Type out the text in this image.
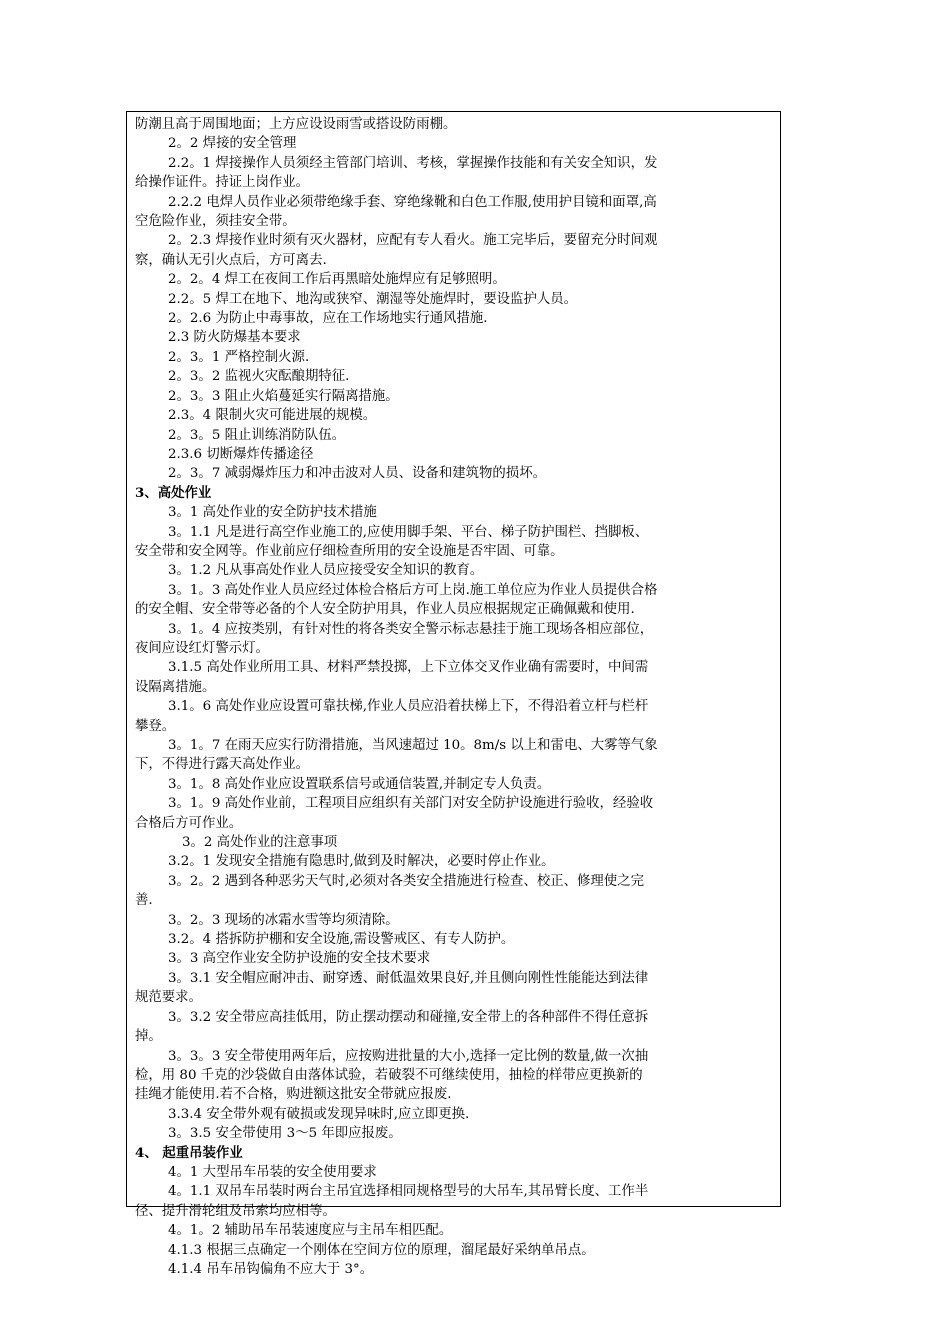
防潮且高于周围地面；上方应设设雨雪或搭设防雨棚。
2。2 焊接的安全管理
2.2。1 焊接操作人员须经主管部门培训、考核，掌握操作技能和有关安全知识，发
给操作证件。持证上岗作业。
2.2.2 电焊人员作业必须带绝缘手套、穿绝缘靴和白色工作服,使用护目镜和面罩,高
空危险作业，须挂安全带。
2。2.3 焊接作业时须有灭火器材，应配有专人看火。施工完毕后，要留充分时间观
察，确认无引火点后，方可离去.
2。2。4 焊工在夜间工作后再黑暗处施焊应有足够照明。
2.2。5 焊工在地下、地沟或狭窄、潮湿等处施焊时，要设监护人员。
2。2.6 为防止中毒事故，应在工作场地实行通风措施.
2.3 防火防爆基本要求
2。3。1 严格控制火源.
2。3。2 监视火灾酝酿期特征.
2。3。3 阻止火焰蔓延实行隔离措施。
2.3。4 限制火灾可能进展的规模。
2。3。5 阻止训练消防队伍。
2.3.6 切断爆炸传播途径
2。3。7 减弱爆炸压力和冲击波对人员、设备和建筑物的损坏。
3、高处作业
3。1 高处作业的安全防护技术措施
3。1.1 凡是进行高空作业施工的,应使用脚手架、平台、梯子防护围栏、挡脚板、
安全带和安全网等。作业前应仔细检查所用的安全设施是否牢固、可靠。
3。1.2 凡从事高处作业人员应接受安全知识的教育。
3。1。3 高处作业人员应经过体检合格后方可上岗.施工单位应为作业人员提供合格
的安全帽、安全带等必备的个人安全防护用具，作业人员应根据规定正确佩戴和使用.
3。1。4 应按类别，有针对性的将各类安全警示标志悬挂于施工现场各相应部位，
夜间应设红灯警示灯。
3.1.5 高处作业所用工具、材料严禁投掷，上下立体交叉作业确有需要时，中间需
设隔离措施。
3.1。6 高处作业应设置可靠扶梯,作业人员应沿着扶梯上下，不得沿着立杆与栏杆
攀登。
3。1。7 在雨天应实行防滑措施，当风速超过 10。8m/s 以上和雷电、大雾等气象
下，不得进行露天高处作业。
3。1。8 高处作业应设置联系信号或通信装置,并制定专人负责。
3。1。9 高处作业前，工程项目应组织有关部门对安全防护设施进行验收，经验收
合格后方可作业。
3。2 高处作业的注意事项
3.2。1 发现安全措施有隐患时,做到及时解决，必要时停止作业。
3。2。2 遇到各种恶劣天气时,必须对各类安全措施进行检查、校正、修理使之完
善.
3。2。3 现场的冰霜水雪等均须清除。
3.2。4 搭拆防护棚和安全设施,需设警戒区、有专人防护。
3。3 高空作业安全防护设施的安全技术要求
3。3.1 安全帽应耐冲击、耐穿透、耐低温效果良好,并且侧向刚性性能能达到法律
规范要求。
3。3.2 安全带应高挂低用，防止摆动摆动和碰撞,安全带上的各种部件不得任意拆
掉。
3。3。3 安全带使用两年后，应按购进批量的大小,选择一定比例的数量,做一次抽
检，用 80 千克的沙袋做自由落体试验，若破裂不可继续使用，抽检的样带应更换新的
挂绳才能使用.若不合格，购进额这批安全带就应报废.
3.3.4 安全带外观有破损或发现异味时,应立即更换.
3。3.5 安全带使用 3～5 年即应报废。
4、 起重吊装作业
4。1 大型吊车吊装的安全使用要求
4。1.1 双吊车吊装时两台主吊宜选择相同规格型号的大吊车,其吊臂长度、工作半
径、提升滑轮组及吊索均应相等。
4。1。2 辅助吊车吊装速度应与主吊车相匹配。
4.1.3 根据三点确定一个刚体在空间方位的原理，溜尾最好采纳单吊点。
4.1.4 吊车吊钩偏角不应大于 3°。
